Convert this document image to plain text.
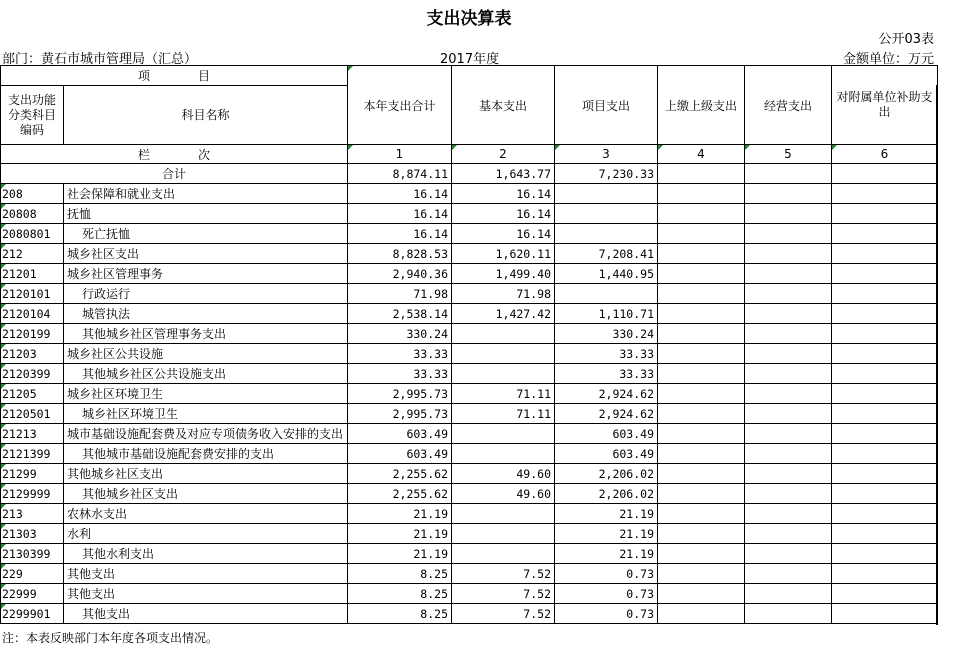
支出决算表
公开03表
部门：黄石市城市管理局（汇总）	2017年度	金额单位：万元
项　　　　目		本年支出合计	基本支出	项目支出	上缴上级支出	经营支出	对附属单位补助支出
支出功能分类科目编码	科目名称						
栏　　　　次		1	2	3	4	5	6
合计		8,874.11	1,643.77	7,230.33			
208	社会保障和就业支出	16.14	16.14				
20808	抚恤	16.14	16.14				
2080801	死亡抚恤	16.14	16.14				
212	城乡社区支出	8,828.53	1,620.11	7,208.41			
21201	城乡社区管理事务	2,940.36	1,499.40	1,440.95			
2120101	行政运行	71.98	71.98				
2120104	城管执法	2,538.14	1,427.42	1,110.71			
2120199	其他城乡社区管理事务支出	330.24		330.24			
21203	城乡社区公共设施	33.33		33.33			
2120399	其他城乡社区公共设施支出	33.33		33.33			
21205	城乡社区环境卫生	2,995.73	71.11	2,924.62			
2120501	城乡社区环境卫生	2,995.73	71.11	2,924.62			
21213	城市基础设施配套费及对应专项债务收入安排的支出	603.49		603.49			
2121399	其他城市基础设施配套费安排的支出	603.49		603.49			
21299	其他城乡社区支出	2,255.62	49.60	2,206.02			
2129999	其他城乡社区支出	2,255.62	49.60	2,206.02			
213	农林水支出	21.19		21.19			
21303	水利	21.19		21.19			
2130399	其他水利支出	21.19		21.19			
229	其他支出	8.25	7.52	0.73			
22999	其他支出	8.25	7.52	0.73			
2299901	其他支出	8.25	7.52	0.73			
注：本表反映部门本年度各项支出情况。
